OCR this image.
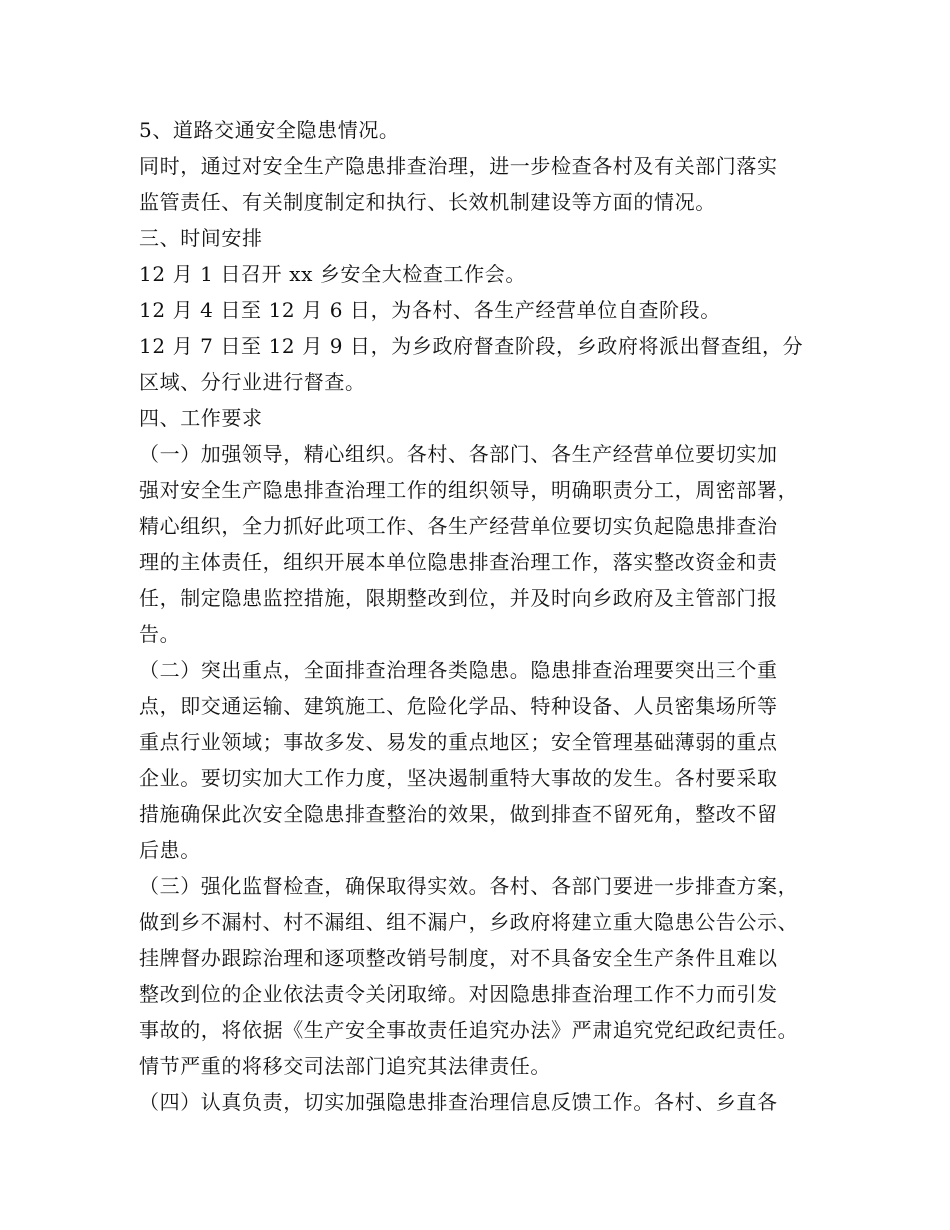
5、道路交通安全隐患情况。
同时，通过对安全生产隐患排查治理，进一步检查各村及有关部门落实
监管责任、有关制度制定和执行、长效机制建设等方面的情况。
三、时间安排
12 月 1 日召开 xx 乡安全大检查工作会。
12 月 4 日至 12 月 6 日，为各村、各生产经营单位自查阶段。
12 月 7 日至 12 月 9 日，为乡政府督查阶段，乡政府将派出督查组，分
区域、分行业进行督查。
四、工作要求
（一）加强领导，精心组织。各村、各部门、各生产经营单位要切实加
强对安全生产隐患排查治理工作的组织领导，明确职责分工，周密部署，
精心组织，全力抓好此项工作、各生产经营单位要切实负起隐患排查治
理的主体责任，组织开展本单位隐患排查治理工作，落实整改资金和责
任，制定隐患监控措施，限期整改到位，并及时向乡政府及主管部门报
告。
（二）突出重点，全面排查治理各类隐患。隐患排查治理要突出三个重
点，即交通运输、建筑施工、危险化学品、特种设备、人员密集场所等
重点行业领域；事故多发、易发的重点地区；安全管理基础薄弱的重点
企业。要切实加大工作力度，坚决遏制重特大事故的发生。各村要采取
措施确保此次安全隐患排查整治的效果，做到排查不留死角，整改不留
后患。
（三）强化监督检查，确保取得实效。各村、各部门要进一步排查方案，
做到乡不漏村、村不漏组、组不漏户，乡政府将建立重大隐患公告公示、
挂牌督办跟踪治理和逐项整改销号制度，对不具备安全生产条件且难以
整改到位的企业依法责令关闭取缔。对因隐患排查治理工作不力而引发
事故的，将依据《生产安全事故责任追究办法》严肃追究党纪政纪责任。
情节严重的将移交司法部门追究其法律责任。
（四）认真负责，切实加强隐患排查治理信息反馈工作。各村、乡直各
